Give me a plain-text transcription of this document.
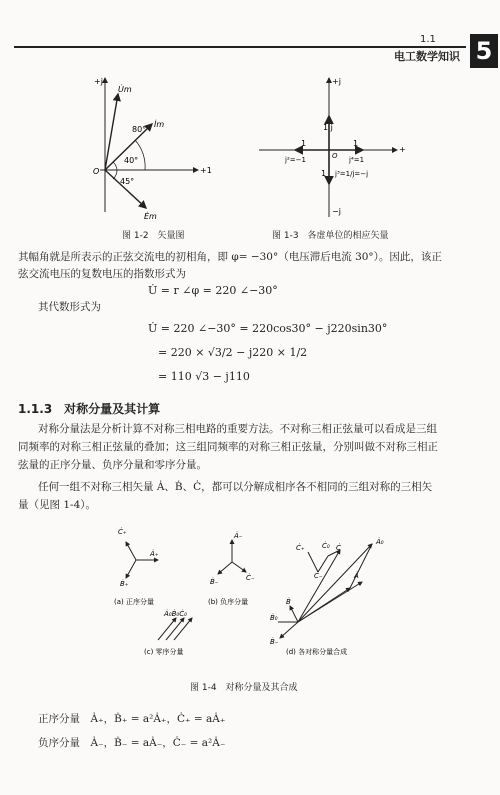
1.1
电工数学知识 5
+j
U̇m
İm
80°
40°
45°
O	+1
Ėm
图 1-2　矢量图
+j
1 j
1	1
+
O
j²=−1	j⁴=1
1 j³=1/j=−j
−j
图 1-3　各虚单位的相应矢量
其幅角就是所表示的正弦交流电的初相角，即 φ= −30°（电压滞后电流 30°）。因此，该正
弦交流电压的复数电压的指数形式为
U̇ = r ∠φ = 220 ∠−30°
其代数形式为
U̇ = 220 ∠−30° = 220cos30° − j220sin30°
= 220 × √3/2 − j220 × 1/2
= 110 √3 − j110
1.1.3　对称分量及其计算
对称分量法是分析计算不对称三相电路的重要方法。不对称三相正弦量可以看成是三组
同频率的对称三相正弦量的叠加；这三组同频率的对称三相正弦量，分别叫做不对称三相正
弦量的正序分量、负序分量和零序分量。
任何一组不对称三相矢量 Ȧ、Ḃ、Ċ，都可以分解成相序各不相同的三组对称的三相矢
量（见图 1-4）。
Ċ₊
Ȧ₊
Ḃ₊
(a) 正序分量
Ȧ₋
Ḃ₋	Ċ₋
(b) 负序分量
Ȧ₀Ḃ₀Ċ₀
(c) 零序分量
Ċ₊ Ċ₀ Ċ
Ȧ₀
Ċ₋	Ȧ
Ḃ
Ḃ₀
Ḃ₋
(d) 各对称分量合成
图 1-4　对称分量及其合成
正序分量　Ȧ₊，Ḃ₊ = a²Ȧ₊，Ċ₊ = aȦ₊
负序分量　Ȧ₋，Ḃ₋ = aȦ₋，Ċ₋ = a²Ȧ₋
